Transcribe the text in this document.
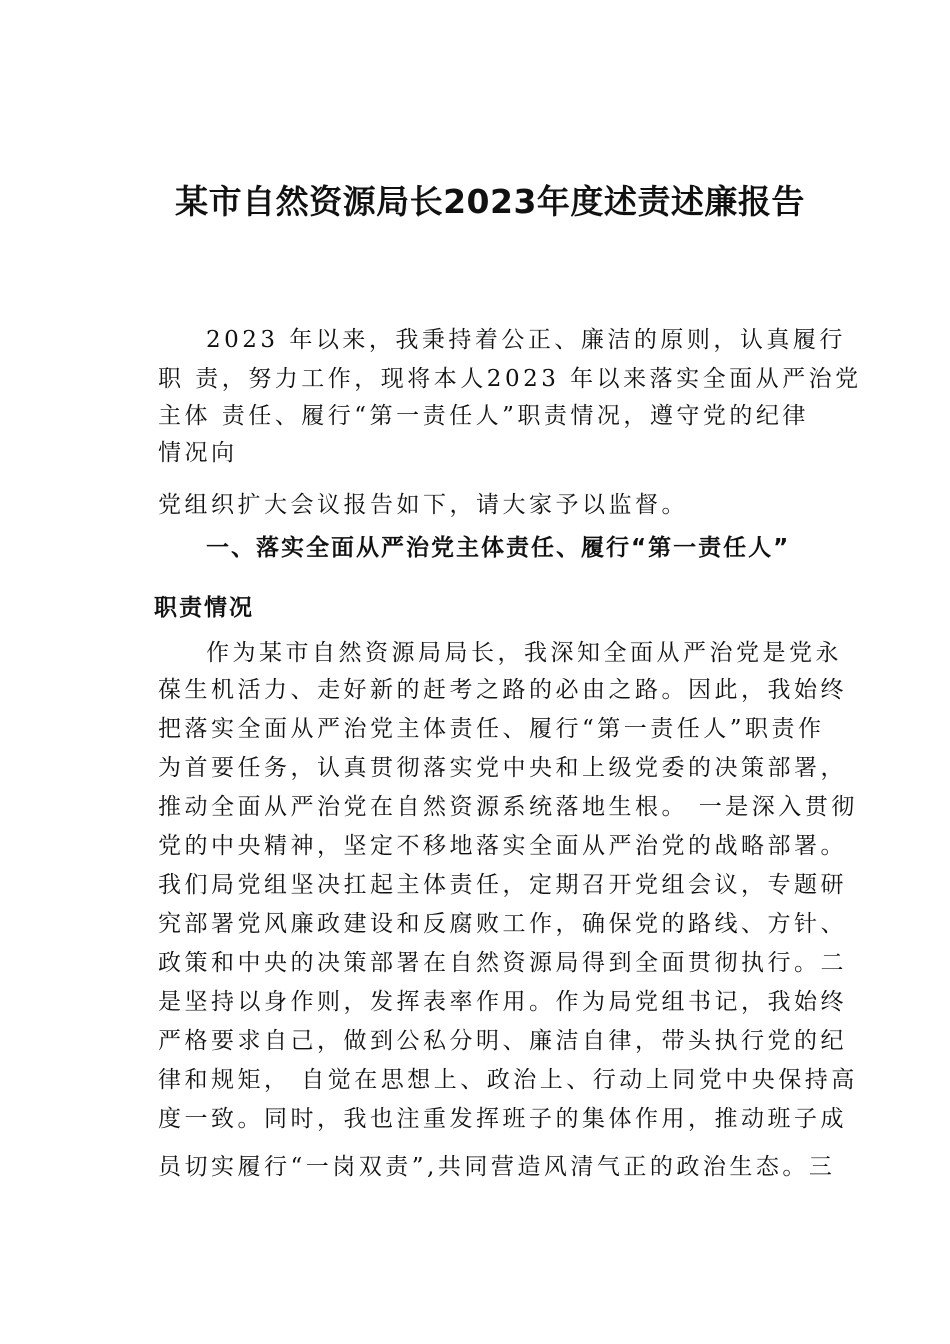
某市自然资源局长2023年度述责述廉报告

2023 年以来，我秉持着公正、廉洁的原则，认真履行

职 责，努力工作，现将本人2023 年以来落实全面从严治党

主体 责任、履行“第一责任人”职责情况，遵守党的纪律

情况向

党组织扩大会议报告如下，请大家予以监督。

一、落实全面从严治党主体责任、履行“第一责任人”

职责情况

作为某市自然资源局局长，我深知全面从严治党是党永

葆生机活力、走好新的赶考之路的必由之路。因此，我始终

把落实全面从严治党主体责任、履行“第一责任人”职责作

为首要任务，认真贯彻落实党中央和上级党委的决策部署，

推动全面从严治党在自然资源系统落地生根。 一是深入贯彻

党的中央精神，坚定不移地落实全面从严治党的战略部署。

我们局党组坚决扛起主体责任，定期召开党组会议，专题研

究部署党风廉政建设和反腐败工作，确保党的路线、方针、

政策和中央的决策部署在自然资源局得到全面贯彻执行。二

是坚持以身作则，发挥表率作用。作为局党组书记，我始终

严格要求自己，做到公私分明、廉洁自律，带头执行党的纪

律和规矩， 自觉在思想上、政治上、行动上同党中央保持高

度一致。同时，我也注重发挥班子的集体作用，推动班子成

员切实履行“一岗双责”,共同营造风清气正的政治生态。三
